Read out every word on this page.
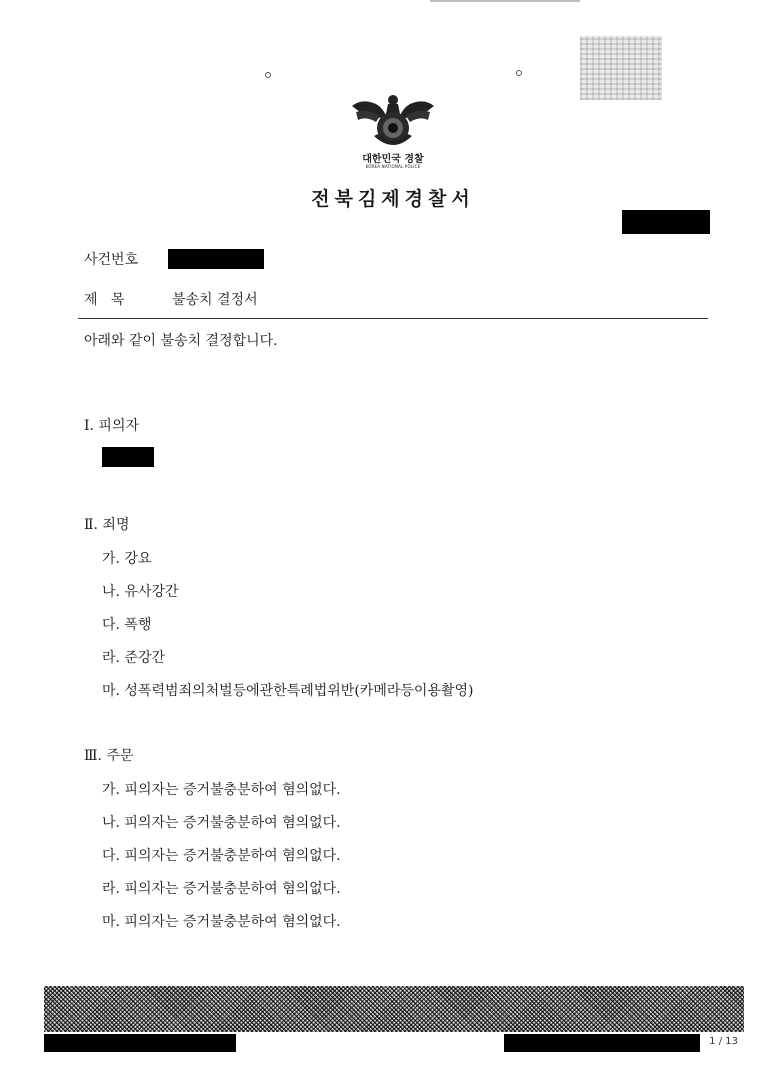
대한민국 경찰
KOREA NATIONAL POLICE
전북김제경찰서
사건번호
제   목	불송치 결정서
아래와 같이 불송치 결정합니다.
Ⅰ. 피의자
Ⅱ. 죄명
가. 강요
나. 유사강간
다. 폭행
라. 준강간
마. 성폭력범죄의처벌등에관한특례법위반(카메라등이용촬영)
Ⅲ. 주문
가. 피의자는 증거불충분하여 혐의없다.
나. 피의자는 증거불충분하여 혐의없다.
다. 피의자는 증거불충분하여 혐의없다.
라. 피의자는 증거불충분하여 혐의없다.
마. 피의자는 증거불충분하여 혐의없다.
1 / 13
